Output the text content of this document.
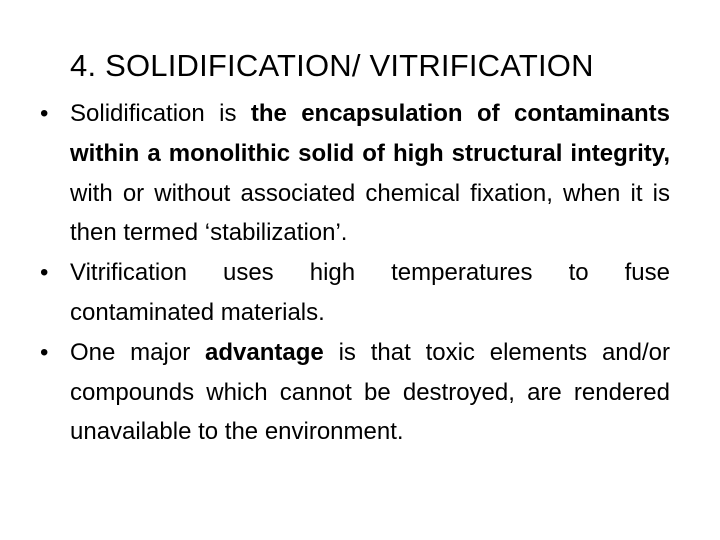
4. SOLIDIFICATION/ VITRIFICATION
• Solidification is the encapsulation of contaminants within a monolithic solid of high structural integrity, with or without associated chemical fixation, when it is then termed ‘stabilization’.
• Vitrification uses high temperatures to fuse contaminated materials.
• One major advantage is that toxic elements and/or compounds which cannot be destroyed, are rendered unavailable to the environment.
